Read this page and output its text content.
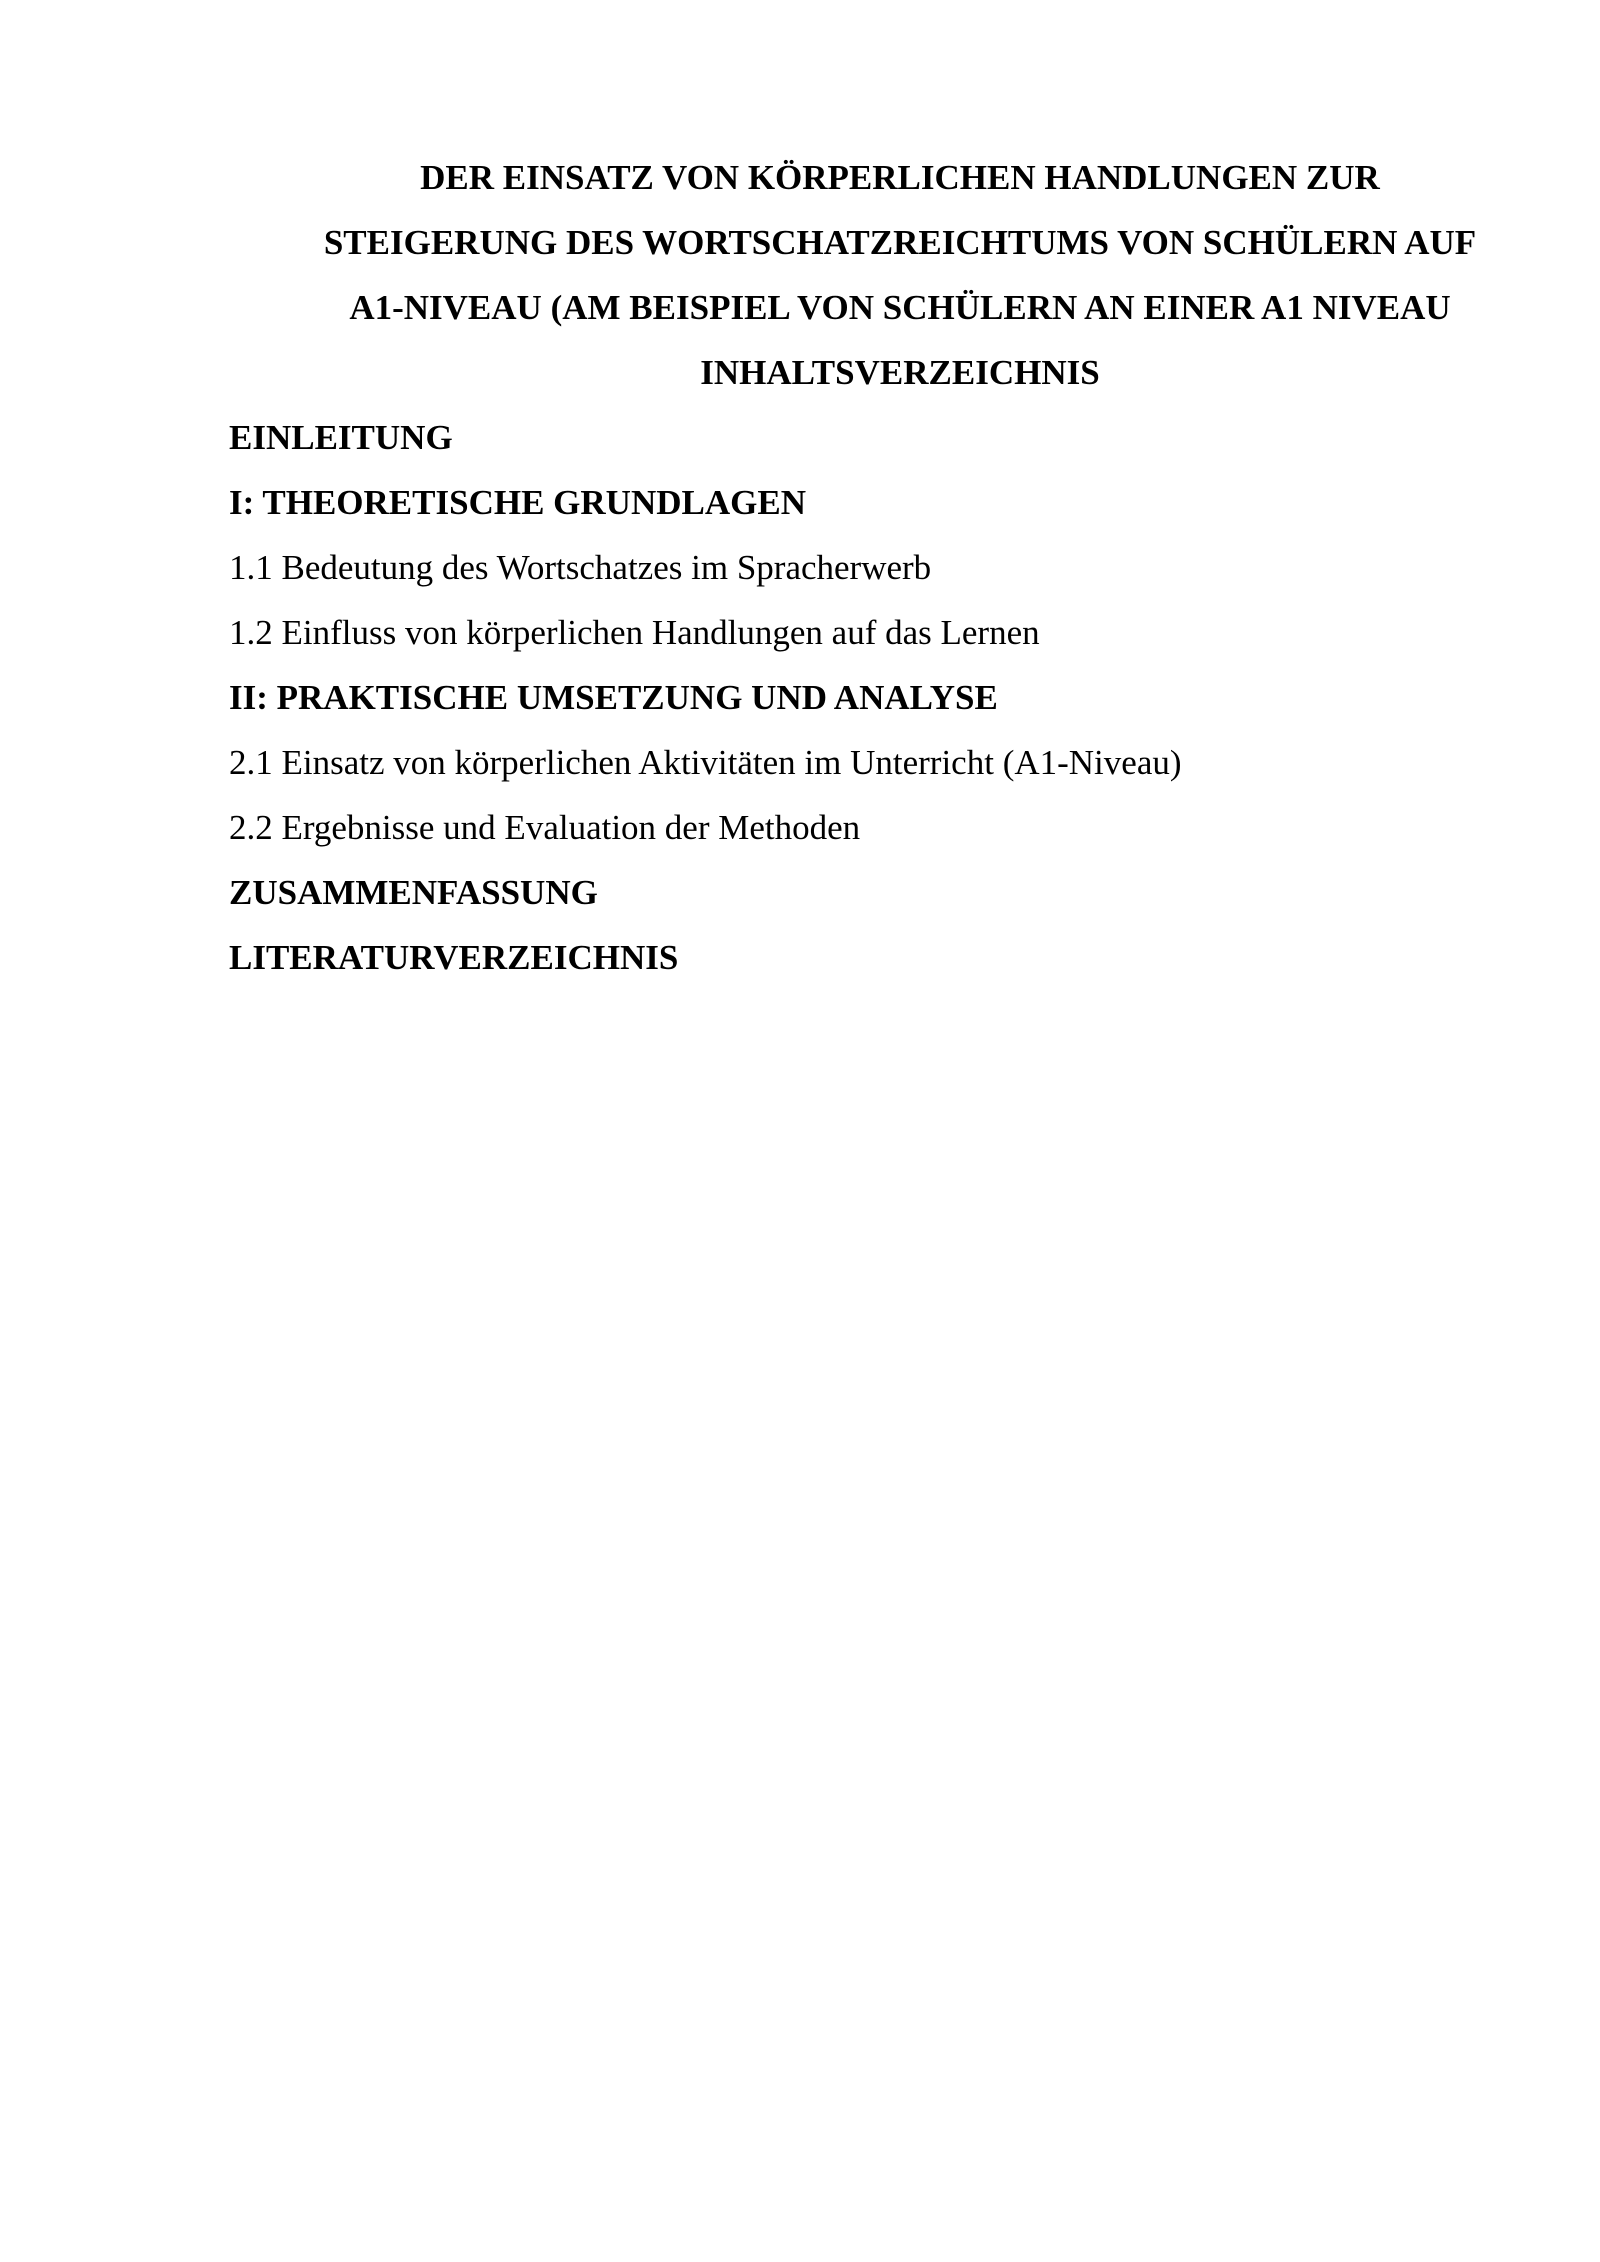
DER EINSATZ VON KÖRPERLICHEN HANDLUNGEN ZUR
STEIGERUNG DES WORTSCHATZREICHTUMS VON SCHÜLERN AUF
A1-NIVEAU (AM BEISPIEL VON SCHÜLERN AN EINER A1 NIVEAU
INHALTSVERZEICHNIS
EINLEITUNG
I: THEORETISCHE GRUNDLAGEN
1.1 Bedeutung des Wortschatzes im Spracherwerb
1.2 Einfluss von körperlichen Handlungen auf das Lernen
II: PRAKTISCHE UMSETZUNG UND ANALYSE
2.1 Einsatz von körperlichen Aktivitäten im Unterricht (A1-Niveau)
2.2 Ergebnisse und Evaluation der Methoden
ZUSAMMENFASSUNG
LITERATURVERZEICHNIS
